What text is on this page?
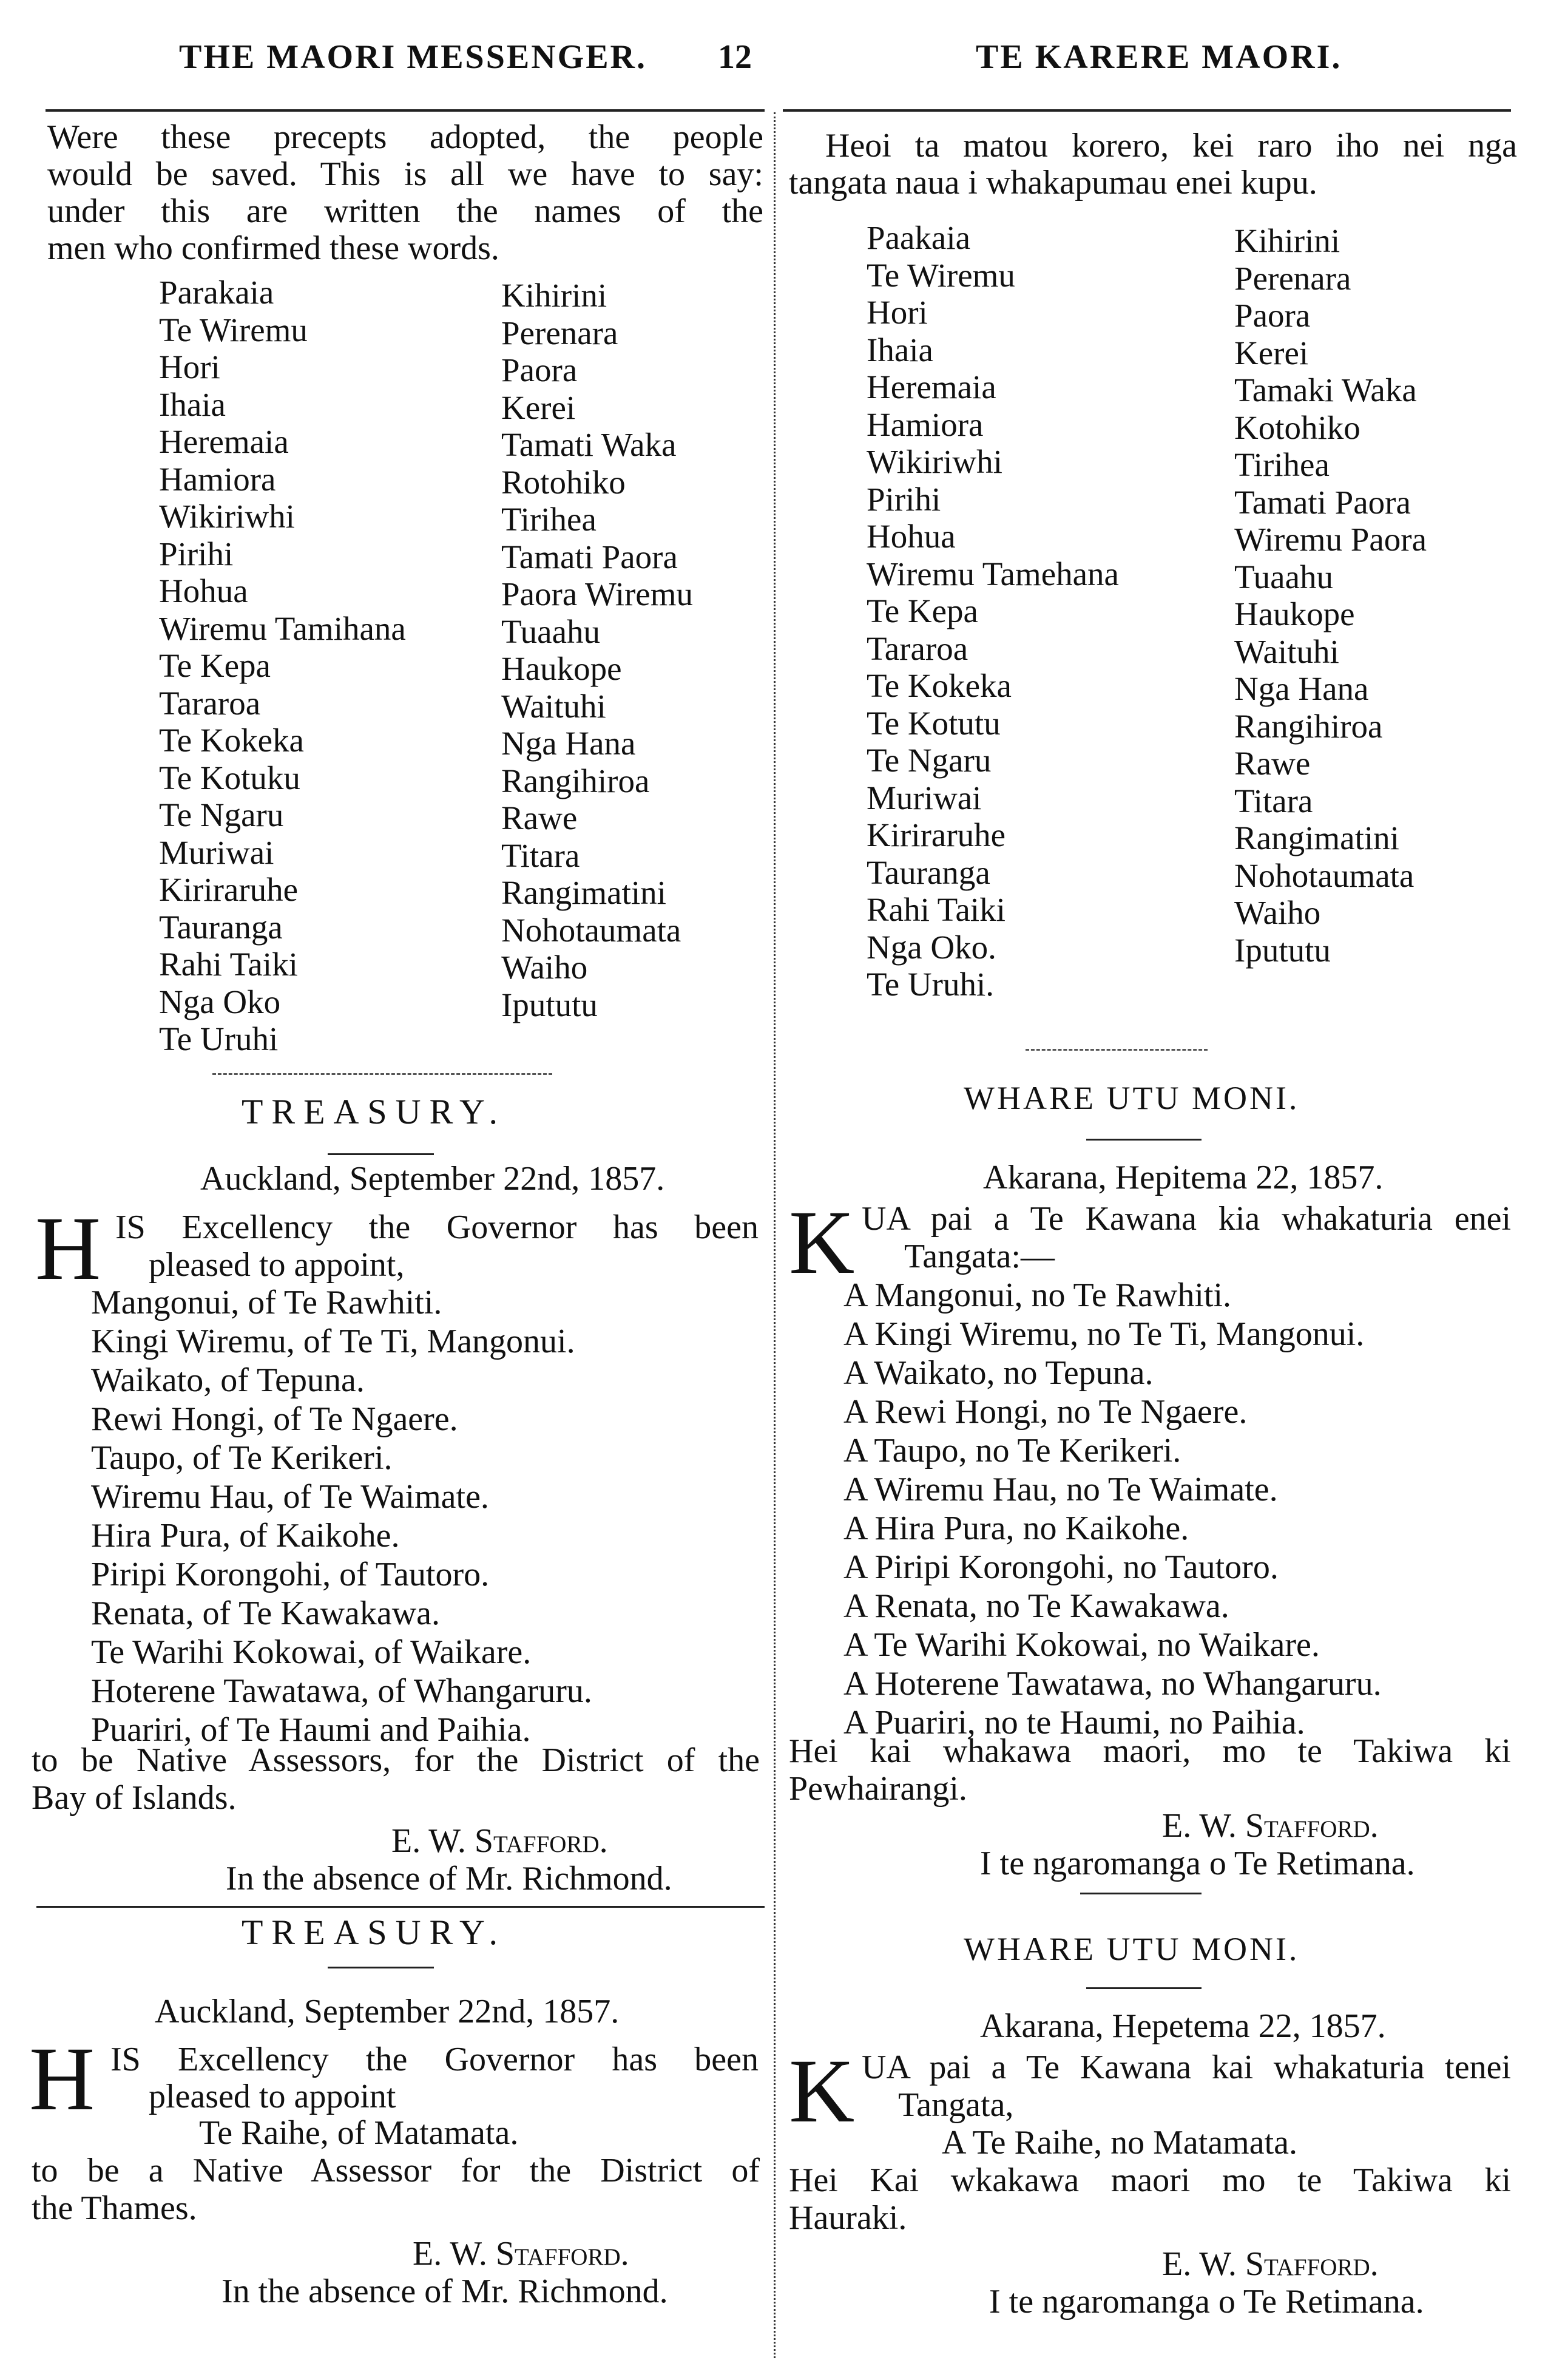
THE MAORI MESSENGER. 12	TE KARERE MAORI.
Were these precepts adopted, the people
would be saved. This is all we have to say:
under this are written the names of the
men who confirmed these words.
Parakaia
Te Wiremu
Hori
Ihaia
Heremaia
Hamiora
Wikiriwhi
Pirihi
Hohua
Wiremu Tamihana
Te Kepa
Tararoa
Te Kokeka
Te Kotuku
Te Ngaru
Muriwai
Kiriraruhe
Tauranga
Rahi Taiki
Nga Oko
Te Uruhi
Kihirini
Perenara
Paora
Kerei
Tamati Waka
Rotohiko
Tirihea
Tamati Paora
Paora Wiremu
Tuaahu
Haukope
Waituhi
Nga Hana
Rangihiroa
Rawe
Titara
Rangimatini
Nohotaumata
Waiho
Ipututu
TREASURY.
Auckland, September 22nd, 1857.
H IS Excellency the Governor has been
pleased to appoint,
Mangonui, of Te Rawhiti.
Kingi Wiremu, of Te Ti, Mangonui.
Waikato, of Tepuna.
Rewi Hongi, of Te Ngaere.
Taupo, of Te Kerikeri.
Wiremu Hau, of Te Waimate.
Hira Pura, of Kaikohe.
Piripi Korongohi, of Tautoro.
Renata, of Te Kawakawa.
Te Warihi Kokowai, of Waikare.
Hoterene Tawatawa, of Whangaruru.
Puariri, of Te Haumi and Paihia.
to be Native Assessors, for the District of the
Bay of Islands.
E. W. Stafford.
In the absence of Mr. Richmond.
TREASURY.
Auckland, September 22nd, 1857.
H IS Excellency the Governor has been
pleased to appoint
Te Raihe, of Matamata.
to be a Native Assessor for the District of
the Thames.
E. W. Stafford.
In the absence of Mr. Richmond.
Heoi ta matou korero, kei raro iho nei nga
tangata naua i whakapumau enei kupu.
Paakaia
Te Wiremu
Hori
Ihaia
Heremaia
Hamiora
Wikiriwhi
Pirihi
Hohua
Wiremu Tamehana
Te Kepa
Tararoa
Te Kokeka
Te Kotutu
Te Ngaru
Muriwai
Kiriraruhe
Tauranga
Rahi Taiki
Nga Oko.
Te Uruhi.
Kihirini
Perenara
Paora
Kerei
Tamaki Waka
Kotohiko
Tirihea
Tamati Paora
Wiremu Paora
Tuaahu
Haukope
Waituhi
Nga Hana
Rangihiroa
Rawe
Titara
Rangimatini
Nohotaumata
Waiho
Ipututu
WHARE UTU MONI.
Akarana, Hepitema 22, 1857.
K UA pai a Te Kawana kia whakaturia enei
Tangata:—
A Mangonui, no Te Rawhiti.
A Kingi Wiremu, no Te Ti, Mangonui.
A Waikato, no Tepuna.
A Rewi Hongi, no Te Ngaere.
A Taupo, no Te Kerikeri.
A Wiremu Hau, no Te Waimate.
A Hira Pura, no Kaikohe.
A Piripi Korongohi, no Tautoro.
A Renata, no Te Kawakawa.
A Te Warihi Kokowai, no Waikare.
A Hoterene Tawatawa, no Whangaruru.
A Puariri, no te Haumi, no Paihia.
Hei kai whakawa maori, mo te Takiwa ki
Pewhairangi.
E. W. Stafford.
I te ngaromanga o Te Retimana.
WHARE UTU MONI.
Akarana, Hepetema 22, 1857.
K UA pai a Te Kawana kai whakaturia tenei
Tangata,
A Te Raihe, no Matamata.
Hei Kai wkakawa maori mo te Takiwa ki
Hauraki.
E. W. Stafford.
I te ngaromanga o Te Retimana.
